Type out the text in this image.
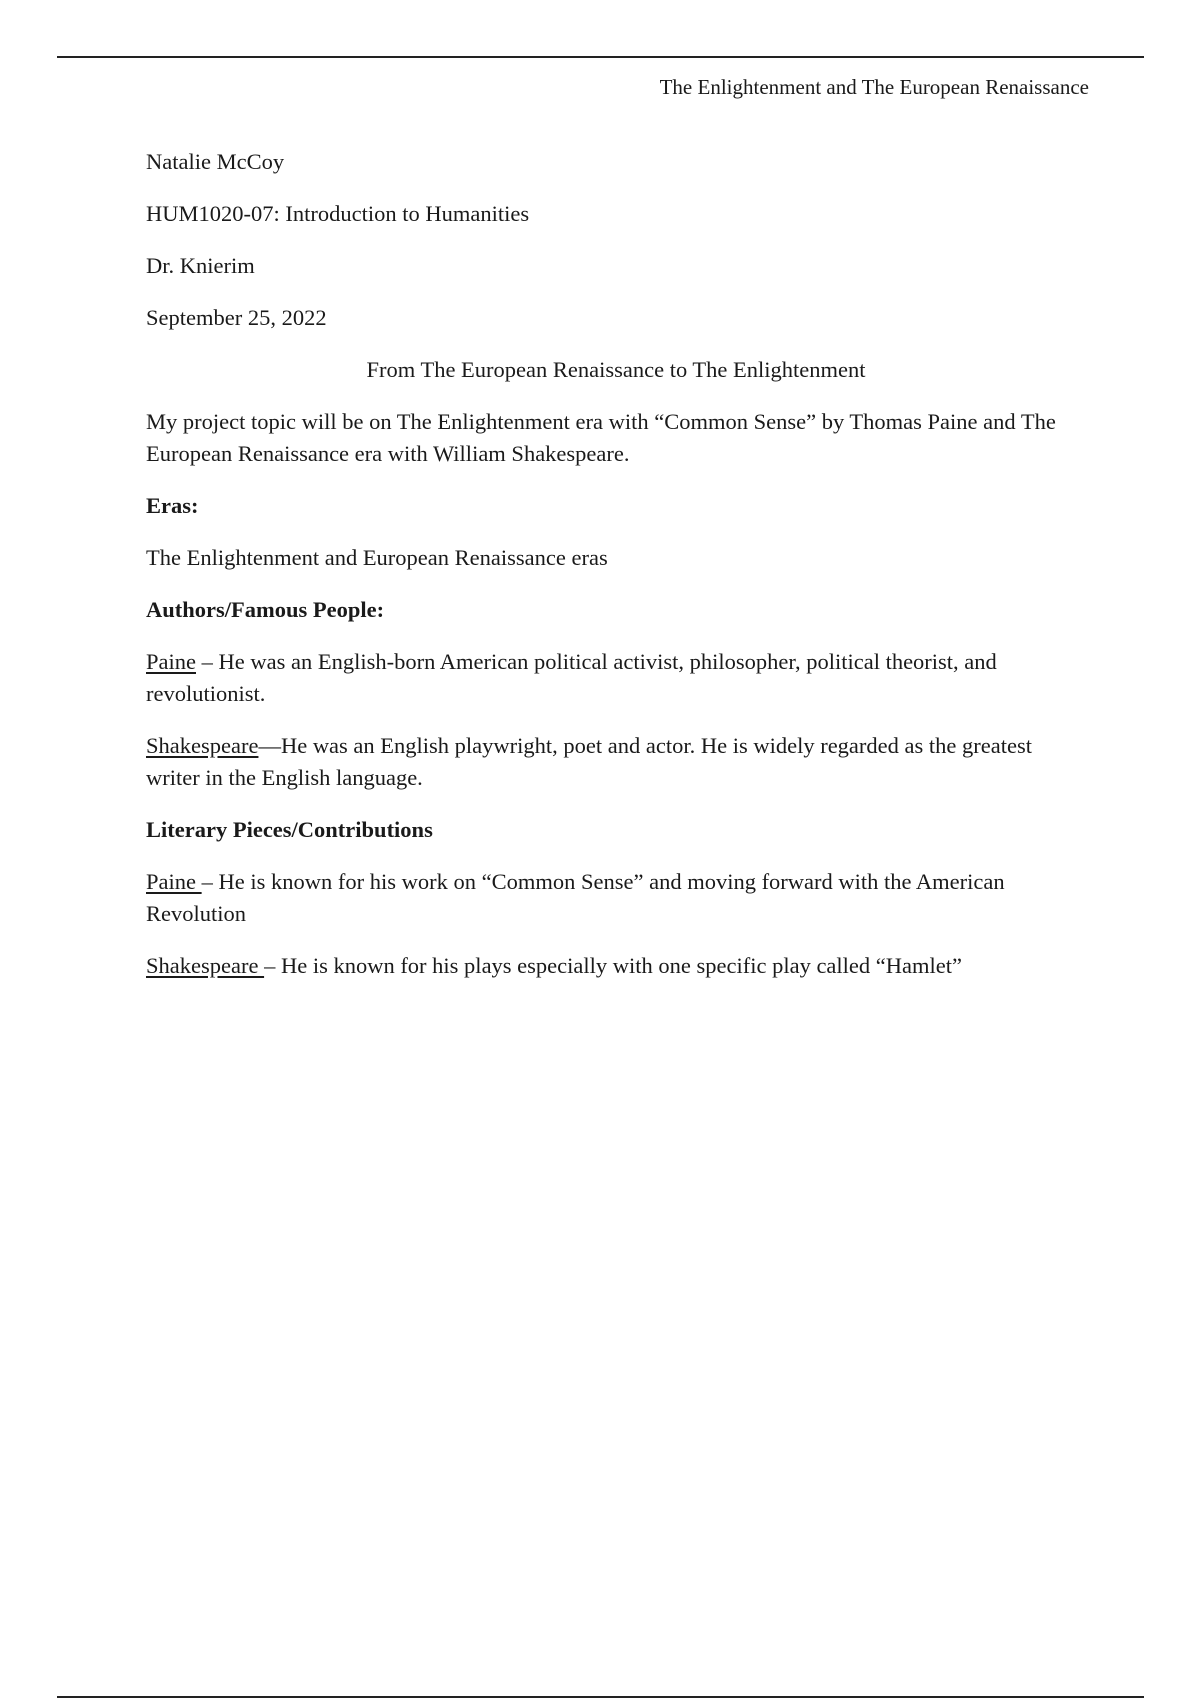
The Enlightenment and The European Renaissance
Natalie McCoy
HUM1020-07: Introduction to Humanities
Dr. Knierim
September 25, 2022

From The European Renaissance to The Enlightenment

My project topic will be on The Enlightenment era with “Common Sense” by Thomas Paine and The European Renaissance era with William Shakespeare.

Eras:

The Enlightenment and European Renaissance eras

Authors/Famous People:

Paine – He was an English-born American political activist, philosopher, political theorist, and revolutionist.

Shakespeare—He was an English playwright, poet and actor. He is widely regarded as the greatest writer in the English language.

Literary Pieces/Contributions

Paine – He is known for his work on “Common Sense” and moving forward with the American Revolution

Shakespeare – He is known for his plays especially with one specific play called “Hamlet”
